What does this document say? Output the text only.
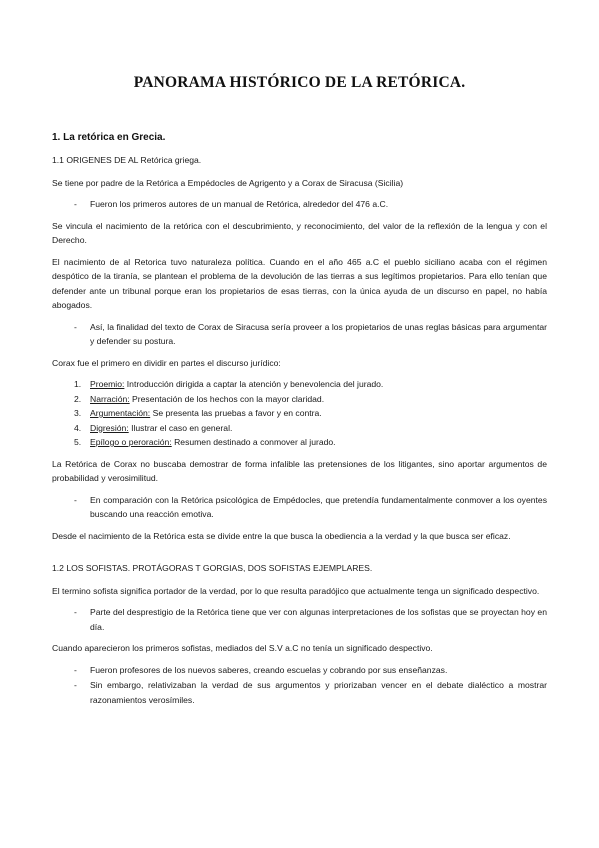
PANORAMA HISTÓRICO DE LA RETÓRICA.
1. La retórica en Grecia.
1.1 ORIGENES DE AL Retórica griega.

Se tiene por padre de la Retórica a Empédocles de Agrigento y a Corax de Siracusa (Sicilia)

- Fueron los primeros autores de un manual de Retórica, alrededor del 476 a.C.

Se vincula el nacimiento de la retórica con el descubrimiento, y reconocimiento, del valor de la reflexión de la lengua y con el Derecho.

El nacimiento de al Retorica tuvo naturaleza política. Cuando en el año 465 a.C el pueblo siciliano acaba con el régimen despótico de la tiranía, se plantean el problema de la devolución de las tierras a sus legítimos propietarios. Para ello tenían que defender ante un tribunal porque eran los propietarios de esas tierras, con la única ayuda de un discurso en papel, no había abogados.

- Así, la finalidad del texto de Corax de Siracusa sería proveer a los propietarios de unas reglas básicas para argumentar y defender su postura.

Corax fue el primero en dividir en partes el discurso jurídico:

1. Proemio: Introducción dirigida a captar la atención y benevolencia del jurado.
2. Narración: Presentación de los hechos con la mayor claridad.
3. Argumentación: Se presenta las pruebas a favor y en contra.
4. Digresión: Ilustrar el caso en general.
5. Epílogo o peroración: Resumen destinado a conmover al jurado.

La Retórica de Corax no buscaba demostrar de forma infalible las pretensiones de los litigantes, sino aportar argumentos de probabilidad y verosimilitud.

- En comparación con la Retórica psicológica de Empédocles, que pretendía fundamentalmente conmover a los oyentes buscando una reacción emotiva.

Desde el nacimiento de la Retórica esta se divide entre la que busca la obediencia a la verdad y la que busca ser eficaz.

1.2 LOS SOFISTAS. PROTÁGORAS T GORGIAS, DOS SOFISTAS EJEMPLARES.

El termino sofista significa portador de la verdad, por lo que resulta paradójico que actualmente tenga un significado despectivo.

- Parte del desprestigio de la Retórica tiene que ver con algunas interpretaciones de los sofistas que se proyectan hoy en día.

Cuando aparecieron los primeros sofistas, mediados del S.V a.C no tenía un significado despectivo.

- Fueron profesores de los nuevos saberes, creando escuelas y cobrando por sus enseñanzas.
- Sin embargo, relativizaban la verdad de sus argumentos y priorizaban vencer en el debate dialéctico a mostrar razonamientos verosímiles.
